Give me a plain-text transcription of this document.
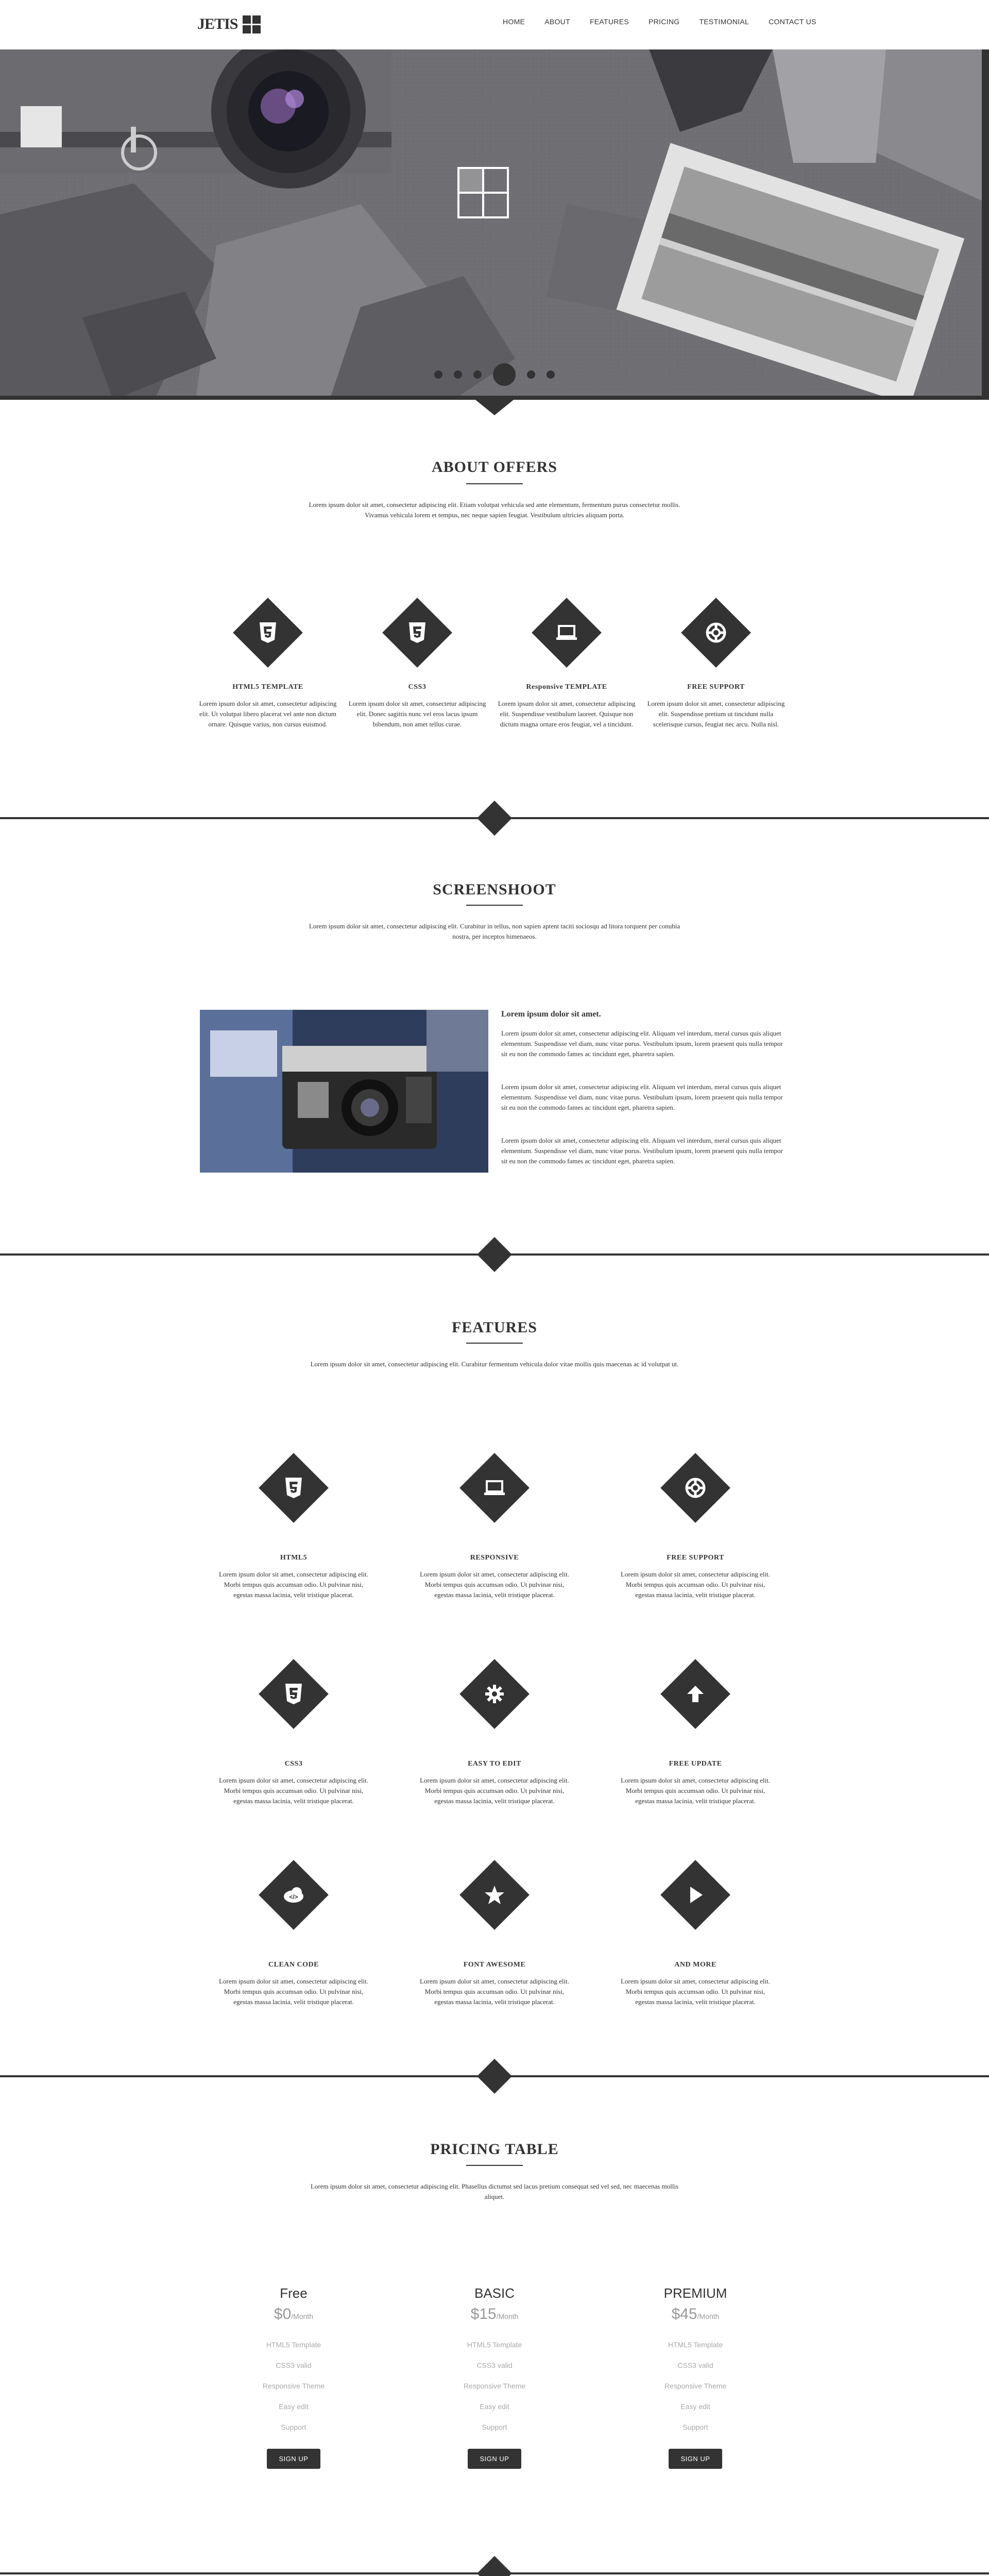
JETIS	HOME	ABOUT	FEATURES	PRICING	TESTIMONIAL	CONTACT US
ABOUT OFFERS
Lorem ipsum dolor sit amet, consectetur adipiscing elit. Etiam volutpat vehicula sed ante elementum, fermentum purus consectetur mollis. Vivamus vehicula lorem et tempus, nec neque sapien feugiat. Vestibulum ultricies aliquam porta.
HTML5 TEMPLATE	CSS3	Responsive TEMPLATE	FREE SUPPORT
Lorem ipsum dolor sit amet, consectetur adipiscing elit. Ut volutpat libero placerat vel ante non dictum ornare. Quisque varius, non cursus euismod.
Lorem ipsum dolor sit amet, consectetur adipiscing elit. Donec sagittis nunc vel eros lacus ipsum bibendum, non amet tellus curae.
Lorem ipsum dolor sit amet, consectetur adipiscing elit. Suspendisse vestibulum laoreet. Quisque non dictum magna ornare eros feugiat, vel a tincidunt.
Lorem ipsum dolor sit amet, consectetur adipiscing elit. Suspendisse pretium ut tincidunt nulla scelerisque cursus, feugiat nec arcu. Nulla nisl.
SCREENSHOOT
Lorem ipsum dolor sit amet, consectetur adipiscing elit. Curabitur in tellus, non sapien aptent taciti sociosqu ad litora torquent per conubia nostra, per inceptos himenaeos.
Lorem ipsum dolor sit amet.
Lorem ipsum dolor sit amet, consectetur adipiscing elit. Aliquam vel interdum, meral cursus quis aliquet elementum. Suspendisse vel diam, nunc vitae purus. Vestibulum ipsum, lorem praesent quis nulla tempor sit eu non the commodo fames ac tincidunt eget, pharetra sapien.
Lorem ipsum dolor sit amet, consectetur adipiscing elit. Aliquam vel interdum, meral cursus quis aliquet elementum. Suspendisse vel diam, nunc vitae purus. Vestibulum ipsum, lorem praesent quis nulla tempor sit eu non the commodo fames ac tincidunt eget, pharetra sapien.
Lorem ipsum dolor sit amet, consectetur adipiscing elit. Aliquam vel interdum, meral cursus quis aliquet elementum. Suspendisse vel diam, nunc vitae purus. Vestibulum ipsum, lorem praesent quis nulla tempor sit eu non the commodo fames ac tincidunt eget, pharetra sapien.
FEATURES
Lorem ipsum dolor sit amet, consectetur adipiscing elit. Curabitur fermentum vehicula dolor vitae mollis quis maecenas ac id volutpat ut.
HTML5	RESPONSIVE	FREE SUPPORT
Lorem ipsum dolor sit amet, consectetur adipiscing elit. Morbi tempus quis accumsan odio. Ut pulvinar nisi, egestas massa lacinia, velit tristique placerat.
Lorem ipsum dolor sit amet, consectetur adipiscing elit. Morbi tempus quis accumsan odio. Ut pulvinar nisi, egestas massa lacinia, velit tristique placerat.
Lorem ipsum dolor sit amet, consectetur adipiscing elit. Morbi tempus quis accumsan odio. Ut pulvinar nisi, egestas massa lacinia, velit tristique placerat.
CSS3	EASY TO EDIT	FREE UPDATE
Lorem ipsum dolor sit amet, consectetur adipiscing elit. Morbi tempus quis accumsan odio. Ut pulvinar nisi, egestas massa lacinia, velit tristique placerat.
Lorem ipsum dolor sit amet, consectetur adipiscing elit. Morbi tempus quis accumsan odio. Ut pulvinar nisi, egestas massa lacinia, velit tristique placerat.
Lorem ipsum dolor sit amet, consectetur adipiscing elit. Morbi tempus quis accumsan odio. Ut pulvinar nisi, egestas massa lacinia, velit tristique placerat.
</>
CLEAN CODE	FONT AWESOME	AND MORE
Lorem ipsum dolor sit amet, consectetur adipiscing elit. Morbi tempus quis accumsan odio. Ut pulvinar nisi, egestas massa lacinia, velit tristique placerat.
Lorem ipsum dolor sit amet, consectetur adipiscing elit. Morbi tempus quis accumsan odio. Ut pulvinar nisi, egestas massa lacinia, velit tristique placerat.
Lorem ipsum dolor sit amet, consectetur adipiscing elit. Morbi tempus quis accumsan odio. Ut pulvinar nisi, egestas massa lacinia, velit tristique placerat.
PRICING TABLE
Lorem ipsum dolor sit amet, consectetur adipiscing elit. Phasellus dictumst sed lacus pretium consequat sed vel sed, nec maecenas mollis aliquet.
Free
$0/Month
HTML5 Template
CSS3 valid
Responsive Theme
Easy edit
Support
SIGN UP
BASIC
$15/Month
HTML5 Template
CSS3 valid
Responsive Theme
Easy edit
Support
SIGN UP
PREMIUM
$45/Month
HTML5 Template
CSS3 valid
Responsive Theme
Easy edit
Support
SIGN UP
